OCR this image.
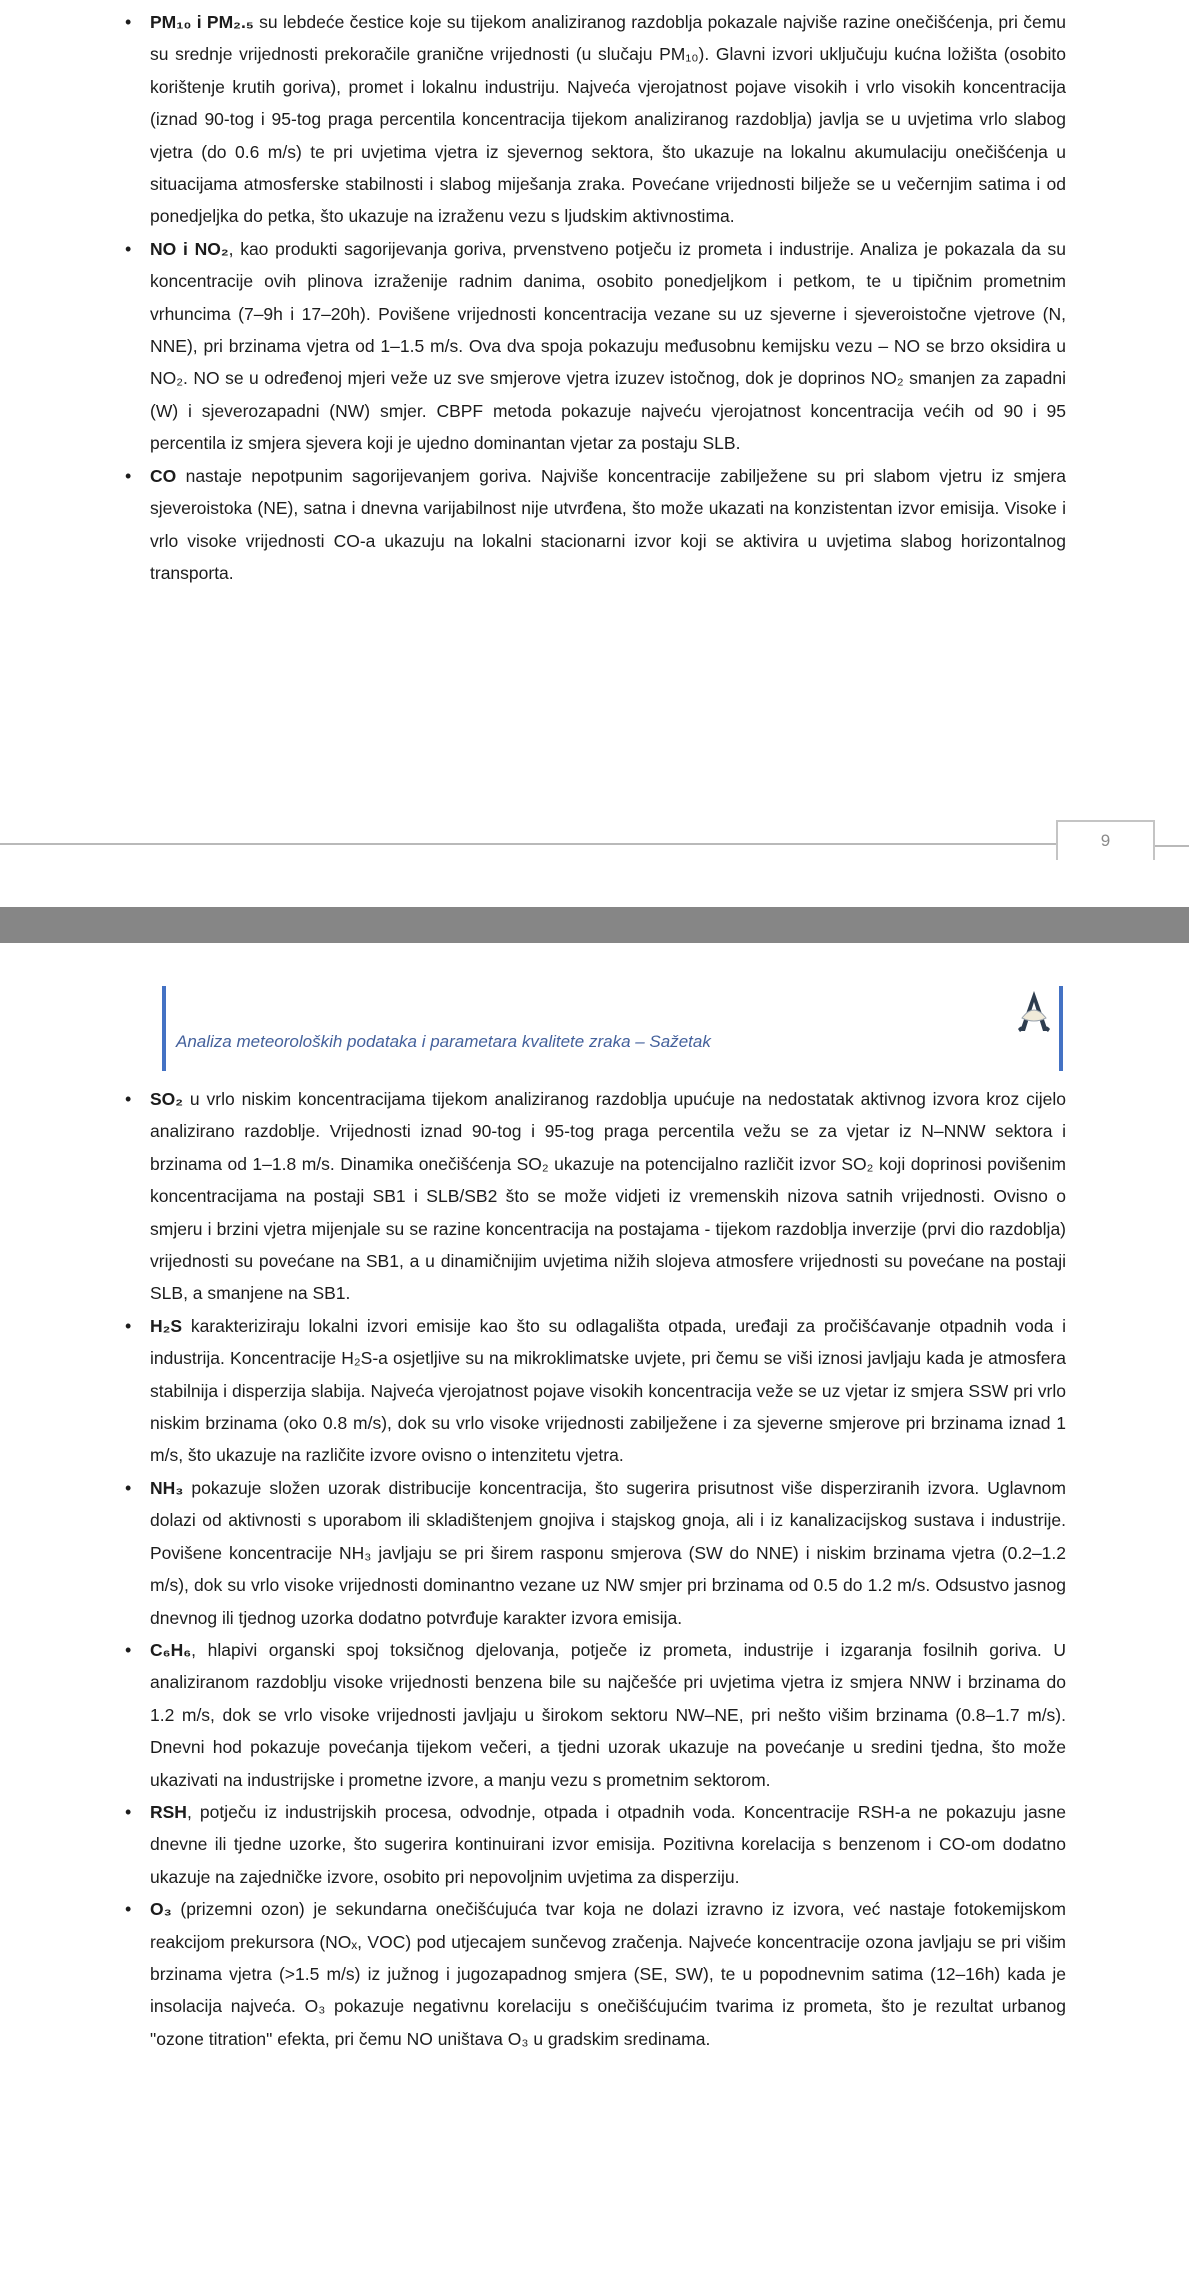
• PM₁₀ i PM₂.₅ su lebdeće čestice koje su tijekom analiziranog razdoblja pokazale najviše razine onečišćenja, pri čemu su srednje vrijednosti prekoračile granične vrijednosti (u slučaju PM₁₀). Glavni izvori uključuju kućna ložišta (osobito korištenje krutih goriva), promet i lokalnu industriju. Najveća vjerojatnost pojave visokih i vrlo visokih koncentracija (iznad 90-tog i 95-tog praga percentila koncentracija tijekom analiziranog razdoblja) javlja se u uvjetima vrlo slabog vjetra (do 0.6 m/s) te pri uvjetima vjetra iz sjevernog sektora, što ukazuje na lokalnu akumulaciju onečišćenja u situacijama atmosferske stabilnosti i slabog miješanja zraka. Povećane vrijednosti bilježe se u večernjim satima i od ponedjeljka do petka, što ukazuje na izraženu vezu s ljudskim aktivnostima.
• NO i NO₂, kao produkti sagorijevanja goriva, prvenstveno potječu iz prometa i industrije. Analiza je pokazala da su koncentracije ovih plinova izraženije radnim danima, osobito ponedjeljkom i petkom, te u tipičnim prometnim vrhuncima (7–9h i 17–20h). Povišene vrijednosti koncentracija vezane su uz sjeverne i sjeveroistočne vjetrove (N, NNE), pri brzinama vjetra od 1–1.5 m/s. Ova dva spoja pokazuju međusobnu kemijsku vezu – NO se brzo oksidira u NO₂. NO se u određenoj mjeri veže uz sve smjerove vjetra izuzev istočnog, dok je doprinos NO₂ smanjen za zapadni (W) i sjeverozapadni (NW) smjer. CBPF metoda pokazuje najveću vjerojatnost koncentracija većih od 90 i 95 percentila iz smjera sjevera koji je ujedno dominantan vjetar za postaju SLB.
• CO nastaje nepotpunim sagorijevanjem goriva. Najviše koncentracije zabilježene su pri slabom vjetru iz smjera sjeveroistoka (NE), satna i dnevna varijabilnost nije utvrđena, što može ukazati na konzistentan izvor emisija. Visoke i vrlo visoke vrijednosti CO-a ukazuju na lokalni stacionarni izvor koji se aktivira u uvjetima slabog horizontalnog transporta.
9
Analiza meteoroloških podataka i parametara kvalitete zraka – Sažetak
• SO₂ u vrlo niskim koncentracijama tijekom analiziranog razdoblja upućuje na nedostatak aktivnog izvora kroz cijelo analizirano razdoblje. Vrijednosti iznad 90-tog i 95-tog praga percentila vežu se za vjetar iz N–NNW sektora i brzinama od 1–1.8 m/s. Dinamika onečišćenja SO₂ ukazuje na potencijalno različit izvor SO₂ koji doprinosi povišenim koncentracijama na postaji SB1 i SLB/SB2 što se može vidjeti iz vremenskih nizova satnih vrijednosti. Ovisno o smjeru i brzini vjetra mijenjale su se razine koncentracija na postajama - tijekom razdoblja inverzije (prvi dio razdoblja) vrijednosti su povećane na SB1, a u dinamičnijim uvjetima nižih slojeva atmosfere vrijednosti su povećane na postaji SLB, a smanjene na SB1.
• H₂S karakteriziraju lokalni izvori emisije kao što su odlagališta otpada, uređaji za pročišćavanje otpadnih voda i industrija. Koncentracije H₂S-a osjetljive su na mikroklimatske uvjete, pri čemu se viši iznosi javljaju kada je atmosfera stabilnija i disperzija slabija. Najveća vjerojatnost pojave visokih koncentracija veže se uz vjetar iz smjera SSW pri vrlo niskim brzinama (oko 0.8 m/s), dok su vrlo visoke vrijednosti zabilježene i za sjeverne smjerove pri brzinama iznad 1 m/s, što ukazuje na različite izvore ovisno o intenzitetu vjetra.
• NH₃ pokazuje složen uzorak distribucije koncentracija, što sugerira prisutnost više disperziranih izvora. Uglavnom dolazi od aktivnosti s uporabom ili skladištenjem gnojiva i stajskog gnoja, ali i iz kanalizacijskog sustava i industrije. Povišene koncentracije NH₃ javljaju se pri širem rasponu smjerova (SW do NNE) i niskim brzinama vjetra (0.2–1.2 m/s), dok su vrlo visoke vrijednosti dominantno vezane uz NW smjer pri brzinama od 0.5 do 1.2 m/s. Odsustvo jasnog dnevnog ili tjednog uzorka dodatno potvrđuje karakter izvora emisija.
• C₆H₆, hlapivi organski spoj toksičnog djelovanja, potječe iz prometa, industrije i izgaranja fosilnih goriva. U analiziranom razdoblju visoke vrijednosti benzena bile su najčešće pri uvjetima vjetra iz smjera NNW i brzinama do 1.2 m/s, dok se vrlo visoke vrijednosti javljaju u širokom sektoru NW–NE, pri nešto višim brzinama (0.8–1.7 m/s). Dnevni hod pokazuje povećanja tijekom večeri, a tjedni uzorak ukazuje na povećanje u sredini tjedna, što može ukazivati na industrijske i prometne izvore, a manju vezu s prometnim sektorom.
• RSH, potječu iz industrijskih procesa, odvodnje, otpada i otpadnih voda. Koncentracije RSH-a ne pokazuju jasne dnevne ili tjedne uzorke, što sugerira kontinuirani izvor emisija. Pozitivna korelacija s benzenom i CO-om dodatno ukazuje na zajedničke izvore, osobito pri nepovoljnim uvjetima za disperziju.
• O₃ (prizemni ozon) je sekundarna onečišćujuća tvar koja ne dolazi izravno iz izvora, već nastaje fotokemijskom reakcijom prekursora (NOₓ, VOC) pod utjecajem sunčevog zračenja. Najveće koncentracije ozona javljaju se pri višim brzinama vjetra (>1.5 m/s) iz južnog i jugozapadnog smjera (SE, SW), te u popodnevnim satima (12–16h) kada je insolacija najveća. O₃ pokazuje negativnu korelaciju s onečišćujućim tvarima iz prometa, što je rezultat urbanog "ozone titration" efekta, pri čemu NO uništava O₃ u gradskim sredinama.
